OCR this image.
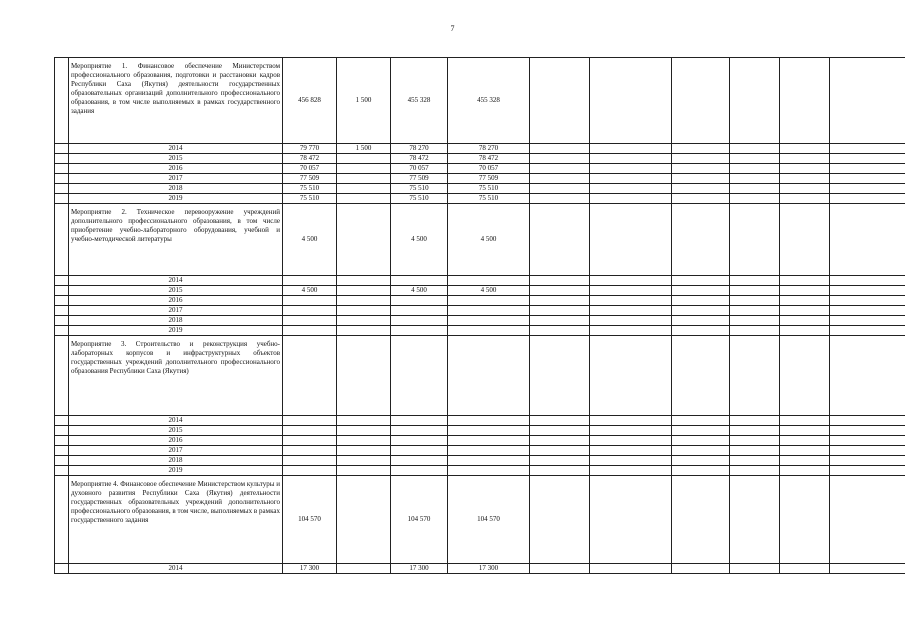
7
	Мероприятие 1. Финансовое обеспечение Министерством профессионального образования, подготовки и расстановки кадров Республики Саха (Якутия) деятельности государственных образовательных организаций дополнительного профессионального образования, в том числе выполняемых в рамках государственного задания	456 828	1 500	455 328	455 328						
	2014	79 770	1 500	78 270	78 270						
	2015	78 472		78 472	78 472						
	2016	70 057		70 057	70 057						
	2017	77 509		77 509	77 509						
	2018	75 510		75 510	75 510						
	2019	75 510		75 510	75 510						
	Мероприятие 2. Техническое перевооружение учреждений дополнительного профессионального образования, в том числе приобретение учебно-лабораторного оборудования, учебной и учебно-методической литературы	4 500		4 500	4 500						
	2014										
	2015	4 500		4 500	4 500						
	2016										
	2017										
	2018										
	2019										
	Мероприятие 3. Строительство и реконструкция учебно-лабораторных корпусов и инфраструктурных объектов государственных учреждений дополнительного профессионального образования Республики Саха (Якутия)										
	2014										
	2015										
	2016										
	2017										
	2018										
	2019										
	Мероприятие 4. Финансовое обеспечение Министерством культуры и духовного развития Республики Саха (Якутия) деятельности государственных образовательных учреждений дополнительного профессионального образования, в том числе, выполняемых в рамках государственного задания	104 570		104 570	104 570						
	2014	17 300		17 300	17 300						
